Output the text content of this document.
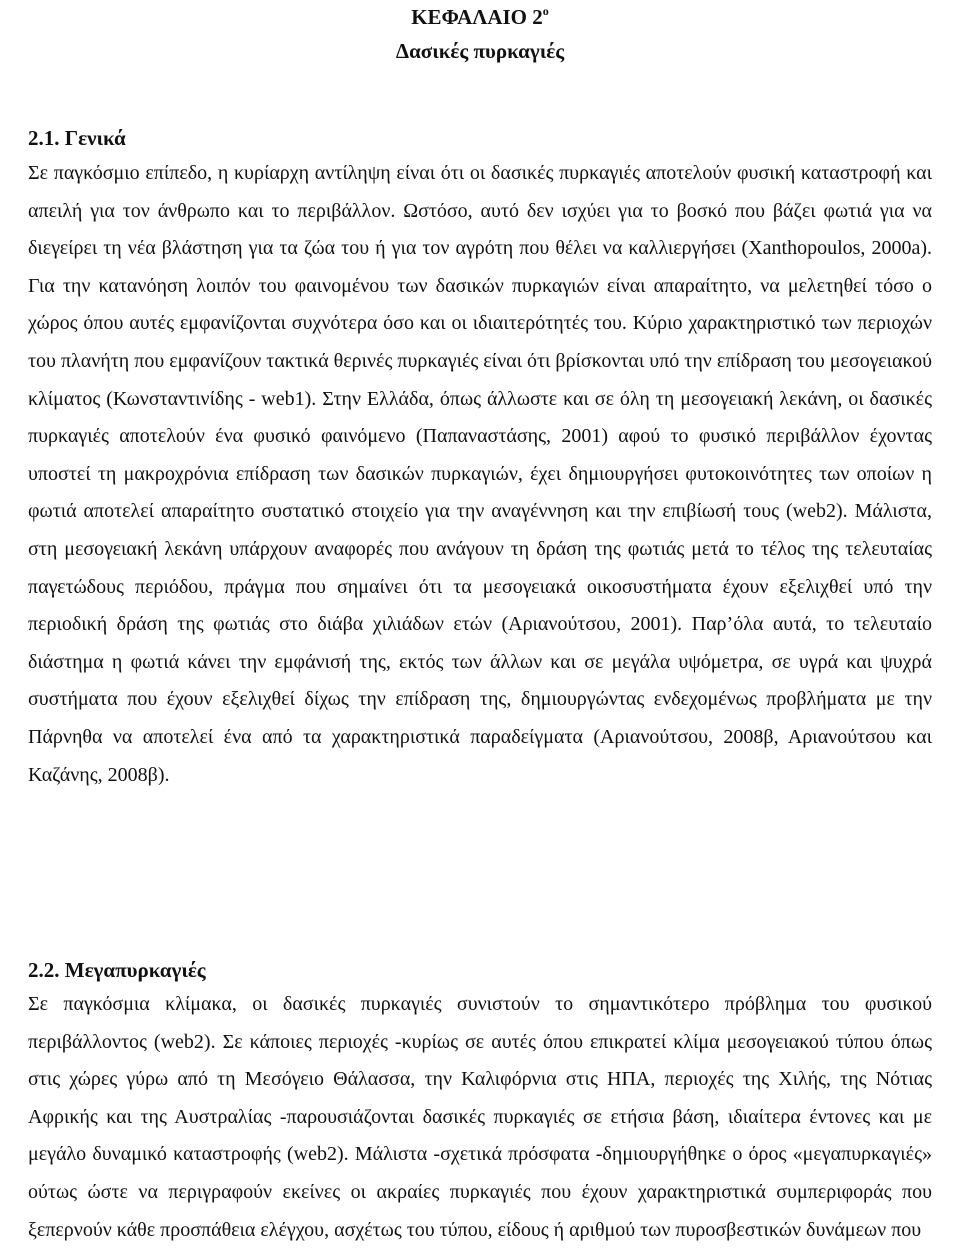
ΚΕΦΑΛΑΙΟ $2^o$
Δασικές πυρκαγιές
2.1. Γενικά

Σε παγκόσμιο επίπεδο, η κυρίαρχη αντίληψη είναι ότι οι δασικές πυρκαγιές αποτελούν φυσική καταστροφή και απειλή για τον άνθρωπο και το περιβάλλον. Ωστόσο, αυτό δεν ισχύει για το βοσκό που βάζει φωτιά για να διεγείρει τη νέα βλάστηση για τα ζώα του ή για τον αγρότη που θέλει να καλλιεργήσει (Xanthopoulos, 2000a). Για την κατανόηση λοιπόν του φαινομένου των δασικών πυρκαγιών είναι απαραίτητο, να μελετηθεί τόσο ο χώρος όπου αυτές εμφανίζονται συχνότερα όσο και οι ιδιαιτερότητές του. Κύριο χαρακτηριστικό των περιοχών του πλανήτη που εμφανίζουν τακτικά θερινές πυρκαγιές είναι ότι βρίσκονται υπό την επίδραση του μεσογειακού κλίματος (Κωνσταντινίδης - web1). Στην Ελλάδα, όπως άλλωστε και σε όλη τη μεσογειακή λεκάνη, οι δασικές πυρκαγιές αποτελούν ένα φυσικό φαινόμενο (Παπαναστάσης, 2001) αφού το φυσικό περιβάλλον έχοντας υποστεί τη μακροχρόνια επίδραση των δασικών πυρκαγιών, έχει δημιουργήσει φυτοκοινότητες των οποίων η φωτιά αποτελεί απαραίτητο συστατικό στοιχείο για την αναγέννηση και την επιβίωσή τους (web2). Μάλιστα, στη μεσογειακή λεκάνη υπάρχουν αναφορές που ανάγουν τη δράση της φωτιάς μετά το τέλος της τελευταίας παγετώδους περιόδου, πράγμα που σημαίνει ότι τα μεσογειακά οικοσυστήματα έχουν εξελιχθεί υπό την περιοδική δράση της φωτιάς στο διάβα χιλιάδων ετών (Αριανούτσου, 2001). Παρ’όλα αυτά, το τελευταίο διάστημα η φωτιά κάνει την εμφάνισή της, εκτός των άλλων και σε μεγάλα υψόμετρα, σε υγρά και ψυχρά συστήματα που έχουν εξελιχθεί δίχως την επίδραση της, δημιουργώντας ενδεχομένως προβλήματα με την Πάρνηθα να αποτελεί ένα από τα χαρακτηριστικά παραδείγματα (Αριανούτσου, 2008β, Αριανούτσου και Καζάνης, 2008β).

2.2. Μεγαπυρκαγιές

Σε παγκόσμια κλίμακα, οι δασικές πυρκαγιές συνιστούν το σημαντικότερο πρόβλημα του φυσικού περιβάλλοντος (web2). Σε κάποιες περιοχές -κυρίως σε αυτές όπου επικρατεί κλίμα μεσογειακού τύπου όπως στις χώρες γύρω από τη Μεσόγειο Θάλασσα, την Καλιφόρνια στις ΗΠΑ, περιοχές της Χιλής, της Νότιας Αφρικής και της Αυστραλίας -παρουσιάζονται δασικές πυρκαγιές σε ετήσια βάση, ιδιαίτερα έντονες και με μεγάλο δυναμικό καταστροφής (web2). Μάλιστα -σχετικά πρόσφατα -δημιουργήθηκε ο όρος «μεγαπυρκαγιές» ούτως ώστε να περιγραφούν εκείνες οι ακραίες πυρκαγιές που έχουν χαρακτηριστικά συμπεριφοράς που ξεπερνούν κάθε προσπάθεια ελέγχου, ασχέτως του τύπου, είδους ή αριθμού των πυροσβεστικών δυνάμεων που
